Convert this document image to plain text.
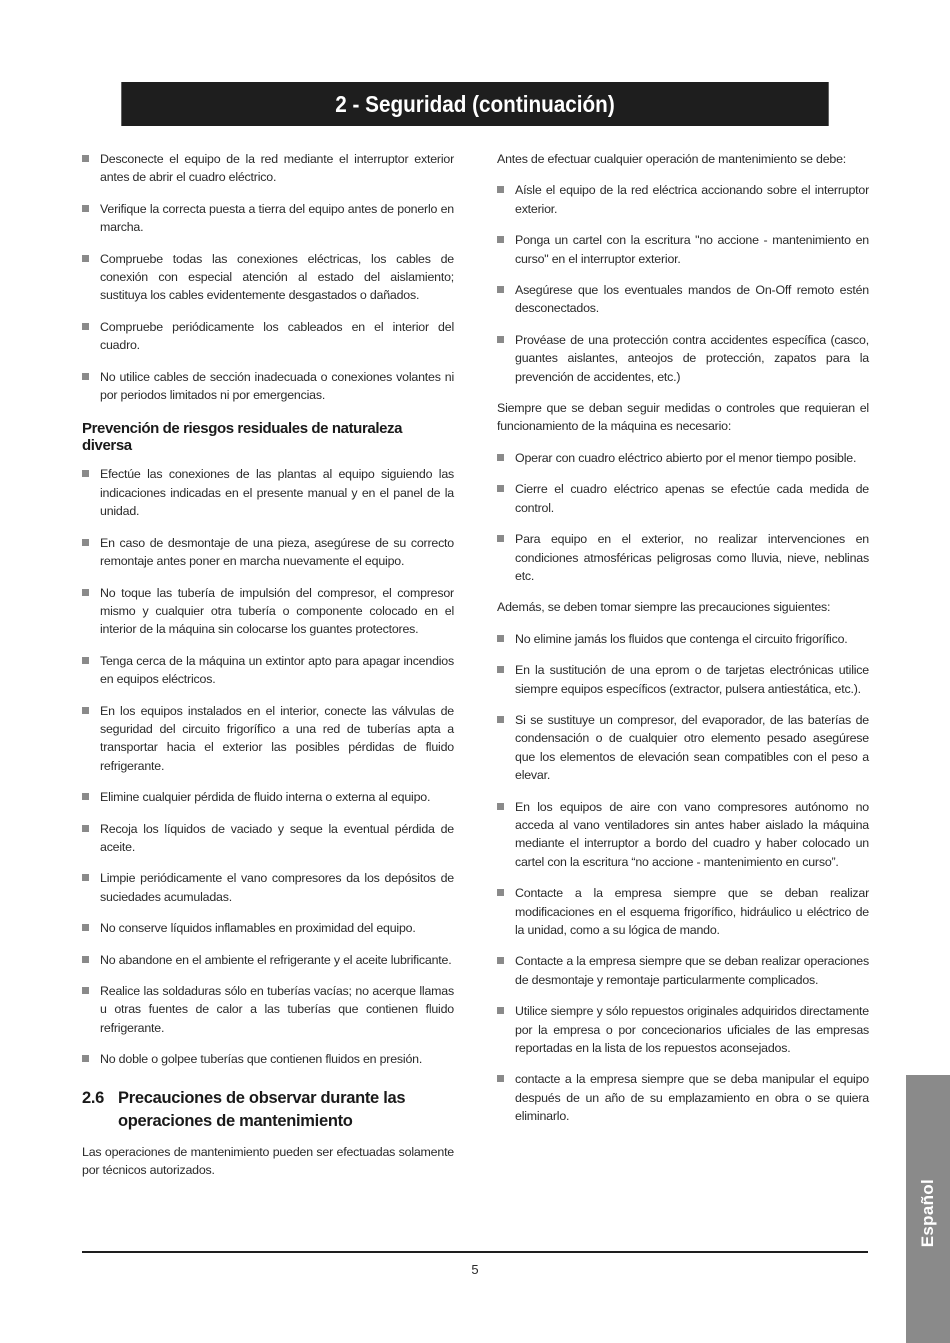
2 - Seguridad (continuación)
Desconecte el equipo de la red mediante el interruptor exterior antes de abrir el cuadro eléctrico.
Verifique la correcta puesta a tierra del equipo antes de ponerlo en marcha.
Compruebe todas las conexiones eléctricas, los cables de conexión con especial atención al estado del aislamiento; sustituya los cables evidentemente desgastados o dañados.
Compruebe periódicamente los cableados en el interior del cuadro.
No utilice cables de sección inadecuada o conexiones volantes ni por periodos limitados ni por emergencias.
Prevención de riesgos residuales de naturaleza diversa
Efectúe las conexiones de las plantas al equipo siguiendo las indicaciones indicadas en el presente manual y en el panel de la unidad.
En caso de desmontaje de una pieza, asegúrese de su correcto remontaje antes poner en marcha nuevamente el equipo.
No toque las tubería de impulsión del compresor, el compresor mismo y cualquier otra tubería o componente colocado en el interior de la máquina sin colocarse los guantes protectores.
Tenga cerca de la máquina un extintor apto para apagar incendios en equipos eléctricos.
En los equipos instalados en el interior, conecte las válvulas de seguridad del circuito frigorífico a una red de tuberías apta a transportar hacia el exterior las posibles pérdidas de fluido refrigerante.
Elimine cualquier pérdida de fluido interna o externa al equipo.
Recoja los líquidos de vaciado y seque la eventual pérdida de aceite.
Limpie periódicamente el vano compresores da los depósitos de suciedades acumuladas.
No conserve líquidos inflamables en proximidad del equipo.
No abandone en el ambiente el refrigerante y el aceite lubrificante.
Realice las soldaduras sólo en tuberías vacías; no acerque llamas u otras fuentes de calor a las tuberías que contienen fluido refrigerante.
No doble o golpee tuberías que contienen fluidos en presión.
2.6 Precauciones de observar durante las operaciones de mantenimiento

Las operaciones de mantenimiento pueden ser efectuadas solamente por técnicos autorizados.

Antes de efectuar cualquier operación de mantenimiento se debe:

Aísle el equipo de la red eléctrica accionando sobre el interruptor exterior.
Ponga un cartel con la escritura "no accione - mantenimiento en curso" en el interruptor exterior.
Asegúrese que los eventuales mandos de On-Off remoto estén desconectados.
Provéase de una protección contra accidentes específica (casco, guantes aislantes, anteojos de protección, zapatos para la prevención de accidentes, etc.)

Siempre que se deban seguir medidas o controles que requieran el funcionamiento de la máquina es necesario:

Operar con cuadro eléctrico abierto por el menor tiempo posible.
Cierre el cuadro eléctrico apenas se efectúe cada medida de control.
Para equipo en el exterior, no realizar intervenciones en condiciones atmosféricas peligrosas como lluvia, nieve, neblinas etc.

Además, se deben tomar siempre las precauciones siguientes:

No elimine jamás los fluidos que contenga el circuito frigorífico.
En la sustitución de una eprom o de tarjetas electrónicas utilice siempre equipos específicos (extractor, pulsera antiestática, etc.).
Si se sustituye un compresor, del evaporador, de las baterías de condensación o de cualquier otro elemento pesado asegúrese que los elementos de elevación sean compatibles con el peso a elevar.
En los equipos de aire con vano compresores autónomo no acceda al vano ventiladores sin antes haber aislado la máquina mediante el interruptor a bordo del cuadro y haber colocado un cartel con la escritura “no accione - mantenimiento en curso”.
Contacte a la empresa siempre que se deban realizar modificaciones en el esquema frigorífico, hidráulico u eléctrico de la unidad, como a su lógica de mando.
Contacte a la empresa siempre que se deban realizar operaciones de desmontaje y remontaje particularmente complicados.
Utilice siempre y sólo repuestos originales adquiridos directamente por la empresa o por concecionarios uficiales de las empresas reportadas en la lista de los repuestos aconsejados.
contacte a la empresa siempre que se deba manipular el equipo después de un año de su emplazamiento en obra o se quiera eliminarlo.
5
Español
